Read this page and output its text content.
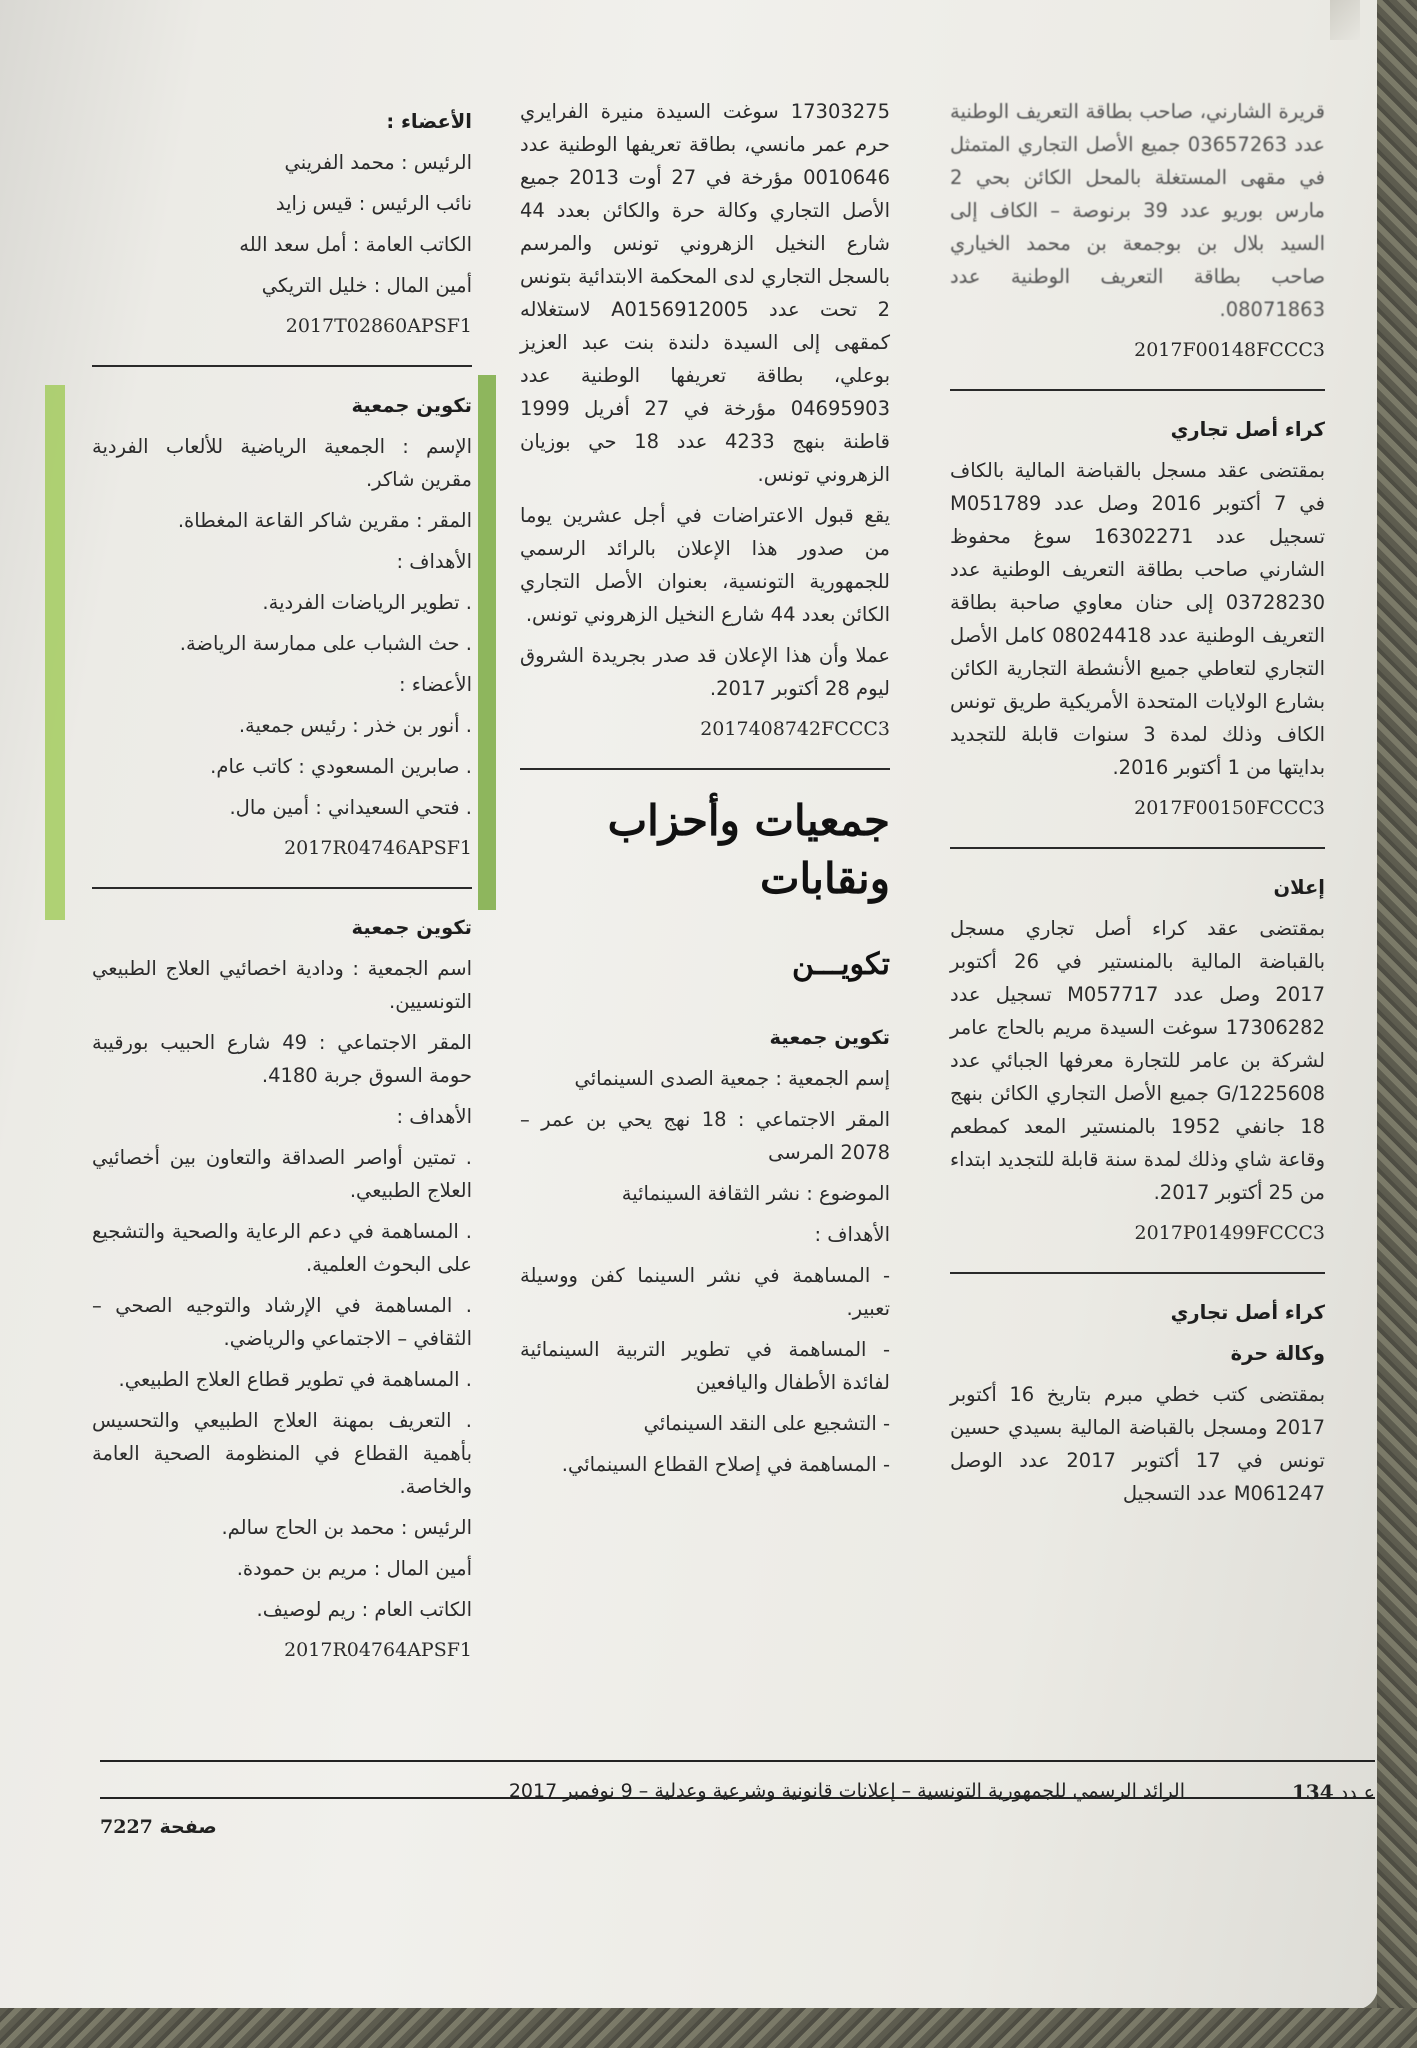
قريرة الشارني، صاحب بطاقة التعريف الوطنية عدد 03657263 جميع الأصل التجاري المتمثل في مقهى المستغلة بالمحل الكائن بحي 2 مارس بوريو عدد 39 برنوصة – الكاف إلى السيد بلال بن بوجمعة بن محمد الخياري صاحب بطاقة التعريف الوطنية عدد 08071863.

2017F00148FCCC3

كراء أصل تجاري

بمقتضى عقد مسجل بالقباضة المالية بالكاف في 7 أكتوبر 2016 وصل عدد M051789 تسجيل عدد 16302271 سوغ محفوظ الشارني صاحب بطاقة التعريف الوطنية عدد 03728230 إلى حنان معاوي صاحبة بطاقة التعريف الوطنية عدد 08024418 كامل الأصل التجاري لتعاطي جميع الأنشطة التجارية الكائن بشارع الولايات المتحدة الأمريكية طريق تونس الكاف وذلك لمدة 3 سنوات قابلة للتجديد بدايتها من 1 أكتوبر 2016.

2017F00150FCCC3

إعلان

بمقتضى عقد كراء أصل تجاري مسجل بالقباضة المالية بالمنستير في 26 أكتوبر 2017 وصل عدد M057717 تسجيل عدد 17306282 سوغت السيدة مريم بالحاج عامر لشركة بن عامر للتجارة معرفها الجبائي عدد 1225608/G جميع الأصل التجاري الكائن بنهج 18 جانفي 1952 بالمنستير المعد كمطعم وقاعة شاي وذلك لمدة سنة قابلة للتجديد ابتداء من 25 أكتوبر 2017.

2017P01499FCCC3

كراء أصل تجاري

وكالة حرة

بمقتضى كتب خطي مبرم بتاريخ 16 أكتوبر 2017 ومسجل بالقباضة المالية بسيدي حسين تونس في 17 أكتوبر 2017 عدد الوصل M061247 عدد التسجيل

17303275 سوغت السيدة منيرة الفرايري حرم عمر مانسي، بطاقة تعريفها الوطنية عدد 0010646 مؤرخة في 27 أوت 2013 جميع الأصل التجاري وكالة حرة والكائن بعدد 44 شارع النخيل الزهروني تونس والمرسم بالسجل التجاري لدى المحكمة الابتدائية بتونس 2 تحت عدد A0156912005 لاستغلاله كمقهى إلى السيدة دلندة بنت عبد العزيز بوعلي، بطاقة تعريفها الوطنية عدد 04695903 مؤرخة في 27 أفريل 1999 قاطنة بنهج 4233 عدد 18 حي بوزيان الزهروني تونس.

يقع قبول الاعتراضات في أجل عشرين يوما من صدور هذا الإعلان بالرائد الرسمي للجمهورية التونسية، بعنوان الأصل التجاري الكائن بعدد 44 شارع النخيل الزهروني تونس.

عملا وأن هذا الإعلان قد صدر بجريدة الشروق ليوم 28 أكتوبر 2017.

2017408742FCCC3

جمعيات وأحزاب
ونقابات
تكويـــن

تكوين جمعية

إسم الجمعية : جمعية الصدى السينمائي

المقر الاجتماعي : 18 نهج يحي بن عمر – 2078 المرسى

الموضوع : نشر الثقافة السينمائية

الأهداف :

- المساهمة في نشر السينما كفن ووسيلة تعبير.

- المساهمة في تطوير التربية السينمائية لفائدة الأطفال واليافعين

- التشجيع على النقد السينمائي

- المساهمة في إصلاح القطاع السينمائي.

الأعضاء :

الرئيس : محمد الفريني

نائب الرئيس : قيس زايد

الكاتب العامة : أمل سعد الله

أمين المال : خليل التريكي

2017T02860APSF1

تكوين جمعية

الإسم : الجمعية الرياضية للألعاب الفردية مقرين شاكر.

المقر : مقرين شاكر القاعة المغطاة.

الأهداف :

. تطوير الرياضات الفردية.

. حث الشباب على ممارسة الرياضة.

الأعضاء :

. أنور بن خذر : رئيس جمعية.

. صابرين المسعودي : كاتب عام.

. فتحي السعيداني : أمين مال.

2017R04746APSF1

تكوين جمعية

اسم الجمعية : ودادية اخصائيي العلاج الطبيعي التونسيين.

المقر الاجتماعي : 49 شارع الحبيب بورقيبة حومة السوق جربة 4180.

الأهداف :

. تمتين أواصر الصداقة والتعاون بين أخصائيي العلاج الطبيعي.

. المساهمة في دعم الرعاية والصحية والتشجيع على البحوث العلمية.

. المساهمة في الإرشاد والتوجيه الصحي – الثقافي – الاجتماعي والرياضي.

. المساهمة في تطوير قطاع العلاج الطبيعي.

. التعريف بمهنة العلاج الطبيعي والتحسيس بأهمية القطاع في المنظومة الصحية العامة والخاصة.

الرئيس : محمد بن الحاج سالم.

أمين المال : مريم بن حمودة.

الكاتب العام : ريم لوصيف.

2017R04764APSF1

عـدد 134
الرائد الرسمي للجمهورية التونسية – إعلانات قانونية وشرعية وعدلية – 9 نوفمبر 2017
صفحة 7227
